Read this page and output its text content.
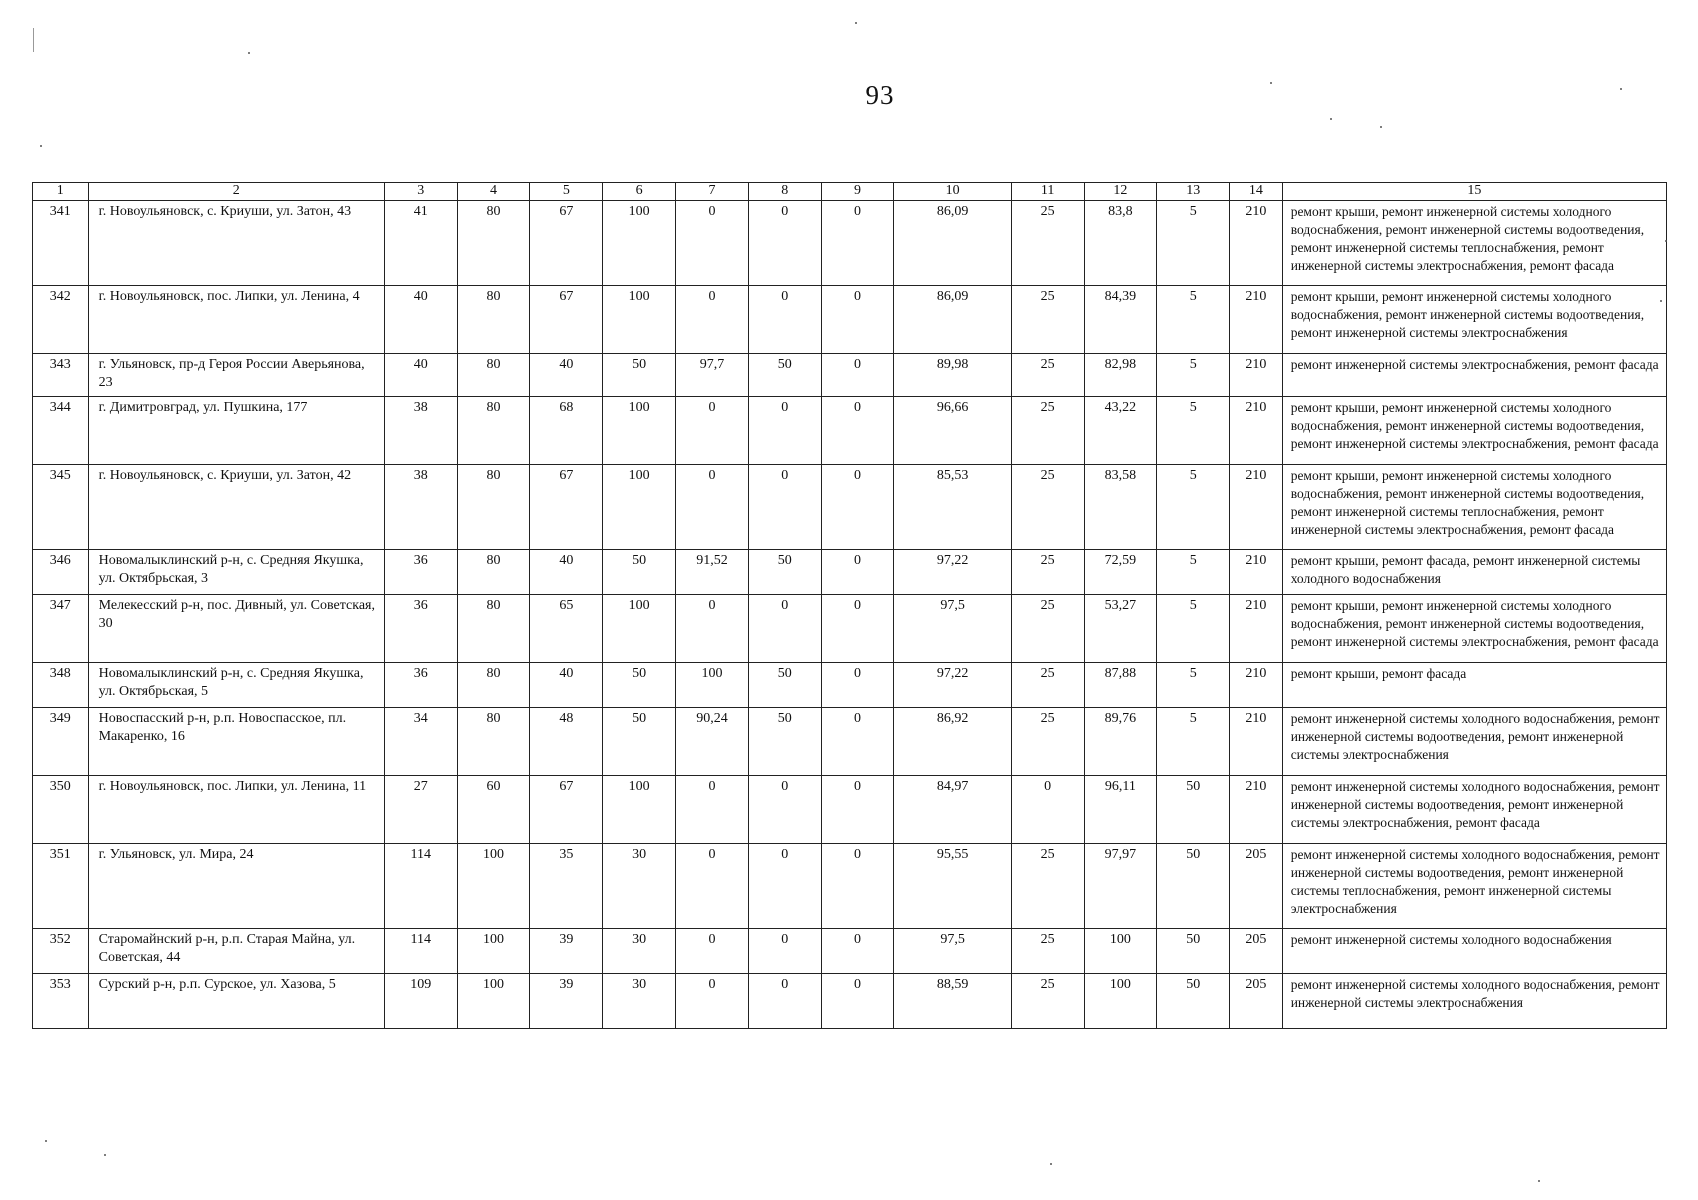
93
1	2	3	4	5	6	7	8	9	10	11	12	13	14	15
341	г. Новоульяновск, с. Криуши, ул. Затон, 43	41	80	67	100	0	0	0	86,09	25	83,8	5	210	ремонт крыши, ремонт инженерной системы холодного водоснабжения, ремонт инженерной системы водоотведения, ремонт инженерной системы теплоснабжения, ремонт инженерной системы электроснабжения, ремонт фасада
342	г. Новоульяновск, пос. Липки, ул. Ленина, 4	40	80	67	100	0	0	0	86,09	25	84,39	5	210	ремонт крыши, ремонт инженерной системы холодного водоснабжения, ремонт инженерной системы водоотведения, ремонт инженерной системы электроснабжения
343	г. Ульяновск, пр-д Героя России Аверьянова, 23	40	80	40	50	97,7	50	0	89,98	25	82,98	5	210	ремонт инженерной системы электроснабжения, ремонт фасада
344	г. Димитровград, ул. Пушкина, 177	38	80	68	100	0	0	0	96,66	25	43,22	5	210	ремонт крыши, ремонт инженерной системы холодного водоснабжения, ремонт инженерной системы водоотведения, ремонт инженерной системы электроснабжения, ремонт фасада
345	г. Новоульяновск, с. Криуши, ул. Затон, 42	38	80	67	100	0	0	0	85,53	25	83,58	5	210	ремонт крыши, ремонт инженерной системы холодного водоснабжения, ремонт инженерной системы водоотведения, ремонт инженерной системы теплоснабжения, ремонт инженерной системы электроснабжения, ремонт фасада
346	Новомалыклинский р-н, с. Средняя Якушка, ул. Октябрьская, 3	36	80	40	50	91,52	50	0	97,22	25	72,59	5	210	ремонт крыши, ремонт фасада, ремонт инженерной системы холодного водоснабжения
347	Мелекесский р-н, пос. Дивный, ул. Советская, 30	36	80	65	100	0	0	0	97,5	25	53,27	5	210	ремонт крыши, ремонт инженерной системы холодного водоснабжения, ремонт инженерной системы водоотведения, ремонт инженерной системы электроснабжения, ремонт фасада
348	Новомалыклинский р-н, с. Средняя Якушка, ул. Октябрьская, 5	36	80	40	50	100	50	0	97,22	25	87,88	5	210	ремонт крыши, ремонт фасада
349	Новоспасский р-н, р.п. Новоспасское, пл. Макаренко, 16	34	80	48	50	90,24	50	0	86,92	25	89,76	5	210	ремонт инженерной системы холодного водоснабжения, ремонт инженерной системы водоотведения, ремонт инженерной системы электроснабжения
350	г. Новоульяновск, пос. Липки, ул. Ленина, 11	27	60	67	100	0	0	0	84,97	0	96,11	50	210	ремонт инженерной системы холодного водоснабжения, ремонт инженерной системы водоотведения, ремонт инженерной системы электроснабжения, ремонт фасада
351	г. Ульяновск, ул. Мира, 24	114	100	35	30	0	0	0	95,55	25	97,97	50	205	ремонт инженерной системы холодного водоснабжения, ремонт инженерной системы водоотведения, ремонт инженерной системы теплоснабжения, ремонт инженерной системы электроснабжения
352	Старомайнский р-н, р.п. Старая Майна, ул. Советская, 44	114	100	39	30	0	0	0	97,5	25	100	50	205	ремонт инженерной системы холодного водоснабжения
353	Сурский р-н, р.п. Сурское, ул. Хазова, 5	109	100	39	30	0	0	0	88,59	25	100	50	205	ремонт инженерной системы холодного водоснабжения, ремонт инженерной системы электроснабжения
